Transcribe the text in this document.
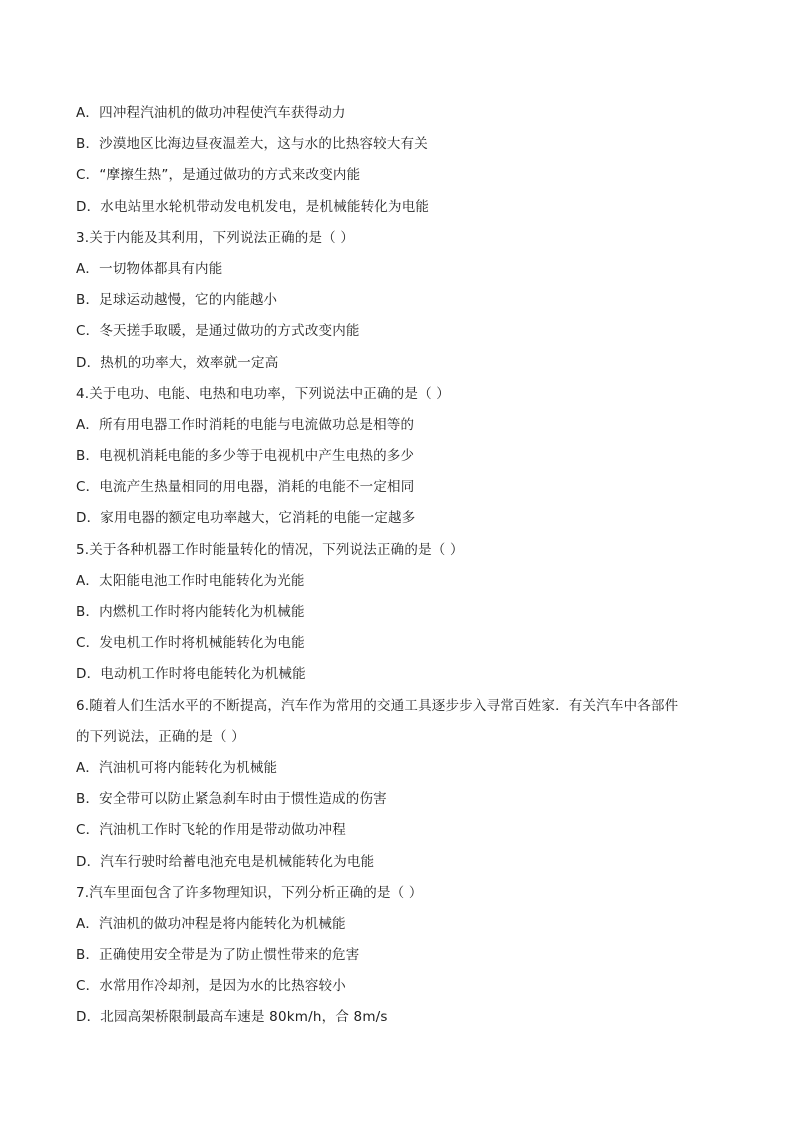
A．四冲程汽油机的做功冲程使汽车获得动力
B．沙漠地区比海边昼夜温差大，这与水的比热容较大有关
C．“摩擦生热”，是通过做功的方式来改变内能
D．水电站里水轮机带动发电机发电，是机械能转化为电能
3.关于内能及其利用，下列说法正确的是（ ）
A．一切物体都具有内能
B．足球运动越慢，它的内能越小
C．冬天搓手取暖，是通过做功的方式改变内能
D．热机的功率大，效率就一定高
4.关于电功、电能、电热和电功率，下列说法中正确的是（ ）
A．所有用电器工作时消耗的电能与电流做功总是相等的
B．电视机消耗电能的多少等于电视机中产生电热的多少
C．电流产生热量相同的用电器，消耗的电能不一定相同
D．家用电器的额定电功率越大，它消耗的电能一定越多
5.关于各种机器工作时能量转化的情况，下列说法正确的是（ ）
A．太阳能电池工作时电能转化为光能
B．内燃机工作时将内能转化为机械能
C．发电机工作时将机械能转化为电能
D．电动机工作时将电能转化为机械能
6.随着人们生活水平的不断提高，汽车作为常用的交通工具逐步步入寻常百姓家．有关汽车中各部件
的下列说法，正确的是（ ）
A．汽油机可将内能转化为机械能
B．安全带可以防止紧急刹车时由于惯性造成的伤害
C．汽油机工作时飞轮的作用是带动做功冲程
D．汽车行驶时给蓄电池充电是机械能转化为电能
7.汽车里面包含了许多物理知识，下列分析正确的是（ ）
A．汽油机的做功冲程是将内能转化为机械能
B．正确使用安全带是为了防止惯性带来的危害
C．水常用作冷却剂，是因为水的比热容较小
D．北园高架桥限制最高车速是 80km/h，合 8m/s
